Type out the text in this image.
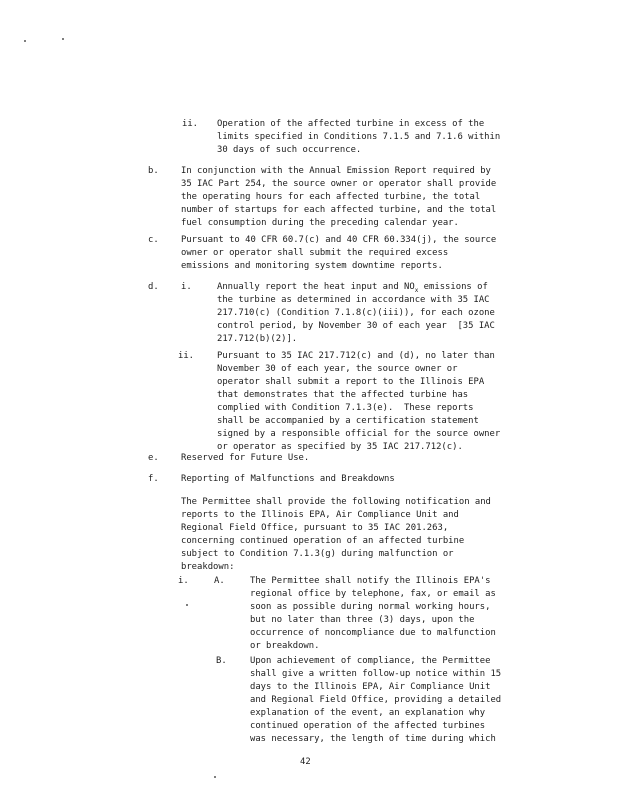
ii. Operation of the affected turbine in excess of the
limits specified in Conditions 7.1.5 and 7.1.6 within
30 days of such occurrence.
b.	In conjunction with the Annual Emission Report required by
35 IAC Part 254, the source owner or operator shall provide
the operating hours for each affected turbine, the total
number of startups for each affected turbine, and the total
fuel consumption during the preceding calendar year.
c.	Pursuant to 40 CFR 60.7(c) and 40 CFR 60.334(j), the source
owner or operator shall submit the required excess
emissions and monitoring system downtime reports.
d.	i.	Annually report the heat input and $NO_x$ emissions of
the turbine as determined in accordance with 35 IAC
217.710(c) (Condition 7.1.8(c)(iii)), for each ozone
control period, by November 30 of each year  [35 IAC
217.712(b)(2)].
ii.	Pursuant to 35 IAC 217.712(c) and (d), no later than
November 30 of each year, the source owner or
operator shall submit a report to the Illinois EPA
that demonstrates that the affected turbine has
complied with Condition 7.1.3(e).  These reports
shall be accompanied by a certification statement
signed by a responsible official for the source owner
or operator as specified by 35 IAC 217.712(c).
e.	Reserved for Future Use.
f.	Reporting of Malfunctions and Breakdowns
The Permittee shall provide the following notification and
reports to the Illinois EPA, Air Compliance Unit and
Regional Field Office, pursuant to 35 IAC 201.263,
concerning continued operation of an affected turbine
subject to Condition 7.1.3(g) during malfunction or
breakdown:
i.	A.	The Permittee shall notify the Illinois EPA's
regional office by telephone, fax, or email as
soon as possible during normal working hours,
but no later than three (3) days, upon the
occurrence of noncompliance due to malfunction
or breakdown.
B.	Upon achievement of compliance, the Permittee
shall give a written follow-up notice within 15
days to the Illinois EPA, Air Compliance Unit
and Regional Field Office, providing a detailed
explanation of the event, an explanation why
continued operation of the affected turbines
was necessary, the length of time during which
42
